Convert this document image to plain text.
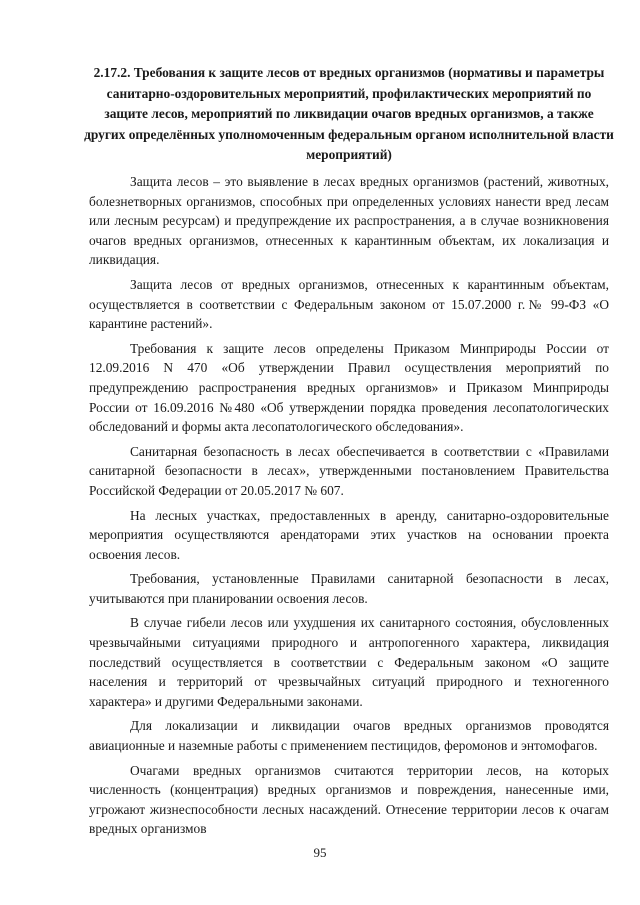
2.17.2. Требования к защите лесов от вредных организмов (нормативы и параметры санитарно-оздоровительных мероприятий, профилактических мероприятий по защите лесов, мероприятий по ликвидации очагов вредных организмов, а также других определённых уполномоченным федеральным органом исполнительной власти мероприятий)

Защита лесов – это выявление в лесах вредных организмов (растений, животных, болезнетворных организмов, способных при определенных условиях нанести вред лесам или лесным ресурсам) и предупреждение их распространения, а в случае возникновения очагов вредных организмов, отнесенных к карантинным объектам, их локализация и ликвидация.

Защита лесов от вредных организмов, отнесенных к карантинным объектам, осуществляется в соответствии с Федеральным законом от 15.07.2000 г.№ 99-ФЗ «О карантине растений».

Требования к защите лесов определены Приказом Минприроды России от 12.09.2016 N 470 «Об утверждении Правил осуществления мероприятий по предупреждению распространения вредных организмов» и Приказом Минприроды России от 16.09.2016 №480 «Об утверждении порядка проведения лесопатологических обследований и формы акта лесопатологического обследования».

Санитарная безопасность в лесах обеспечивается в соответствии с «Правилами санитарной безопасности в лесах», утвержденными постановлением Правительства Российской Федерации от 20.05.2017 № 607.

На лесных участках, предоставленных в аренду, санитарно-оздоровительные мероприятия осуществляются арендаторами этих участков на основании проекта освоения лесов.

Требования, установленные Правилами санитарной безопасности в лесах, учитываются при планировании освоения лесов.

В случае гибели лесов или ухудшения их санитарного состояния, обусловленных чрезвычайными ситуациями природного и антропогенного характера, ликвидация последствий осуществляется в соответствии с Федеральным законом «О защите населения и территорий от чрезвычайных ситуаций природного и техногенного характера» и другими Федеральными законами.

Для локализации и ликвидации очагов вредных организмов проводятся авиационные и наземные работы с применением пестицидов, феромонов и энтомофагов.

Очагами вредных организмов считаются территории лесов, на которых численность (концентрация) вредных организмов и повреждения, нанесенные ими, угрожают жизнеспособности лесных насаждений. Отнесение территории лесов к очагам вредных организмов

95
